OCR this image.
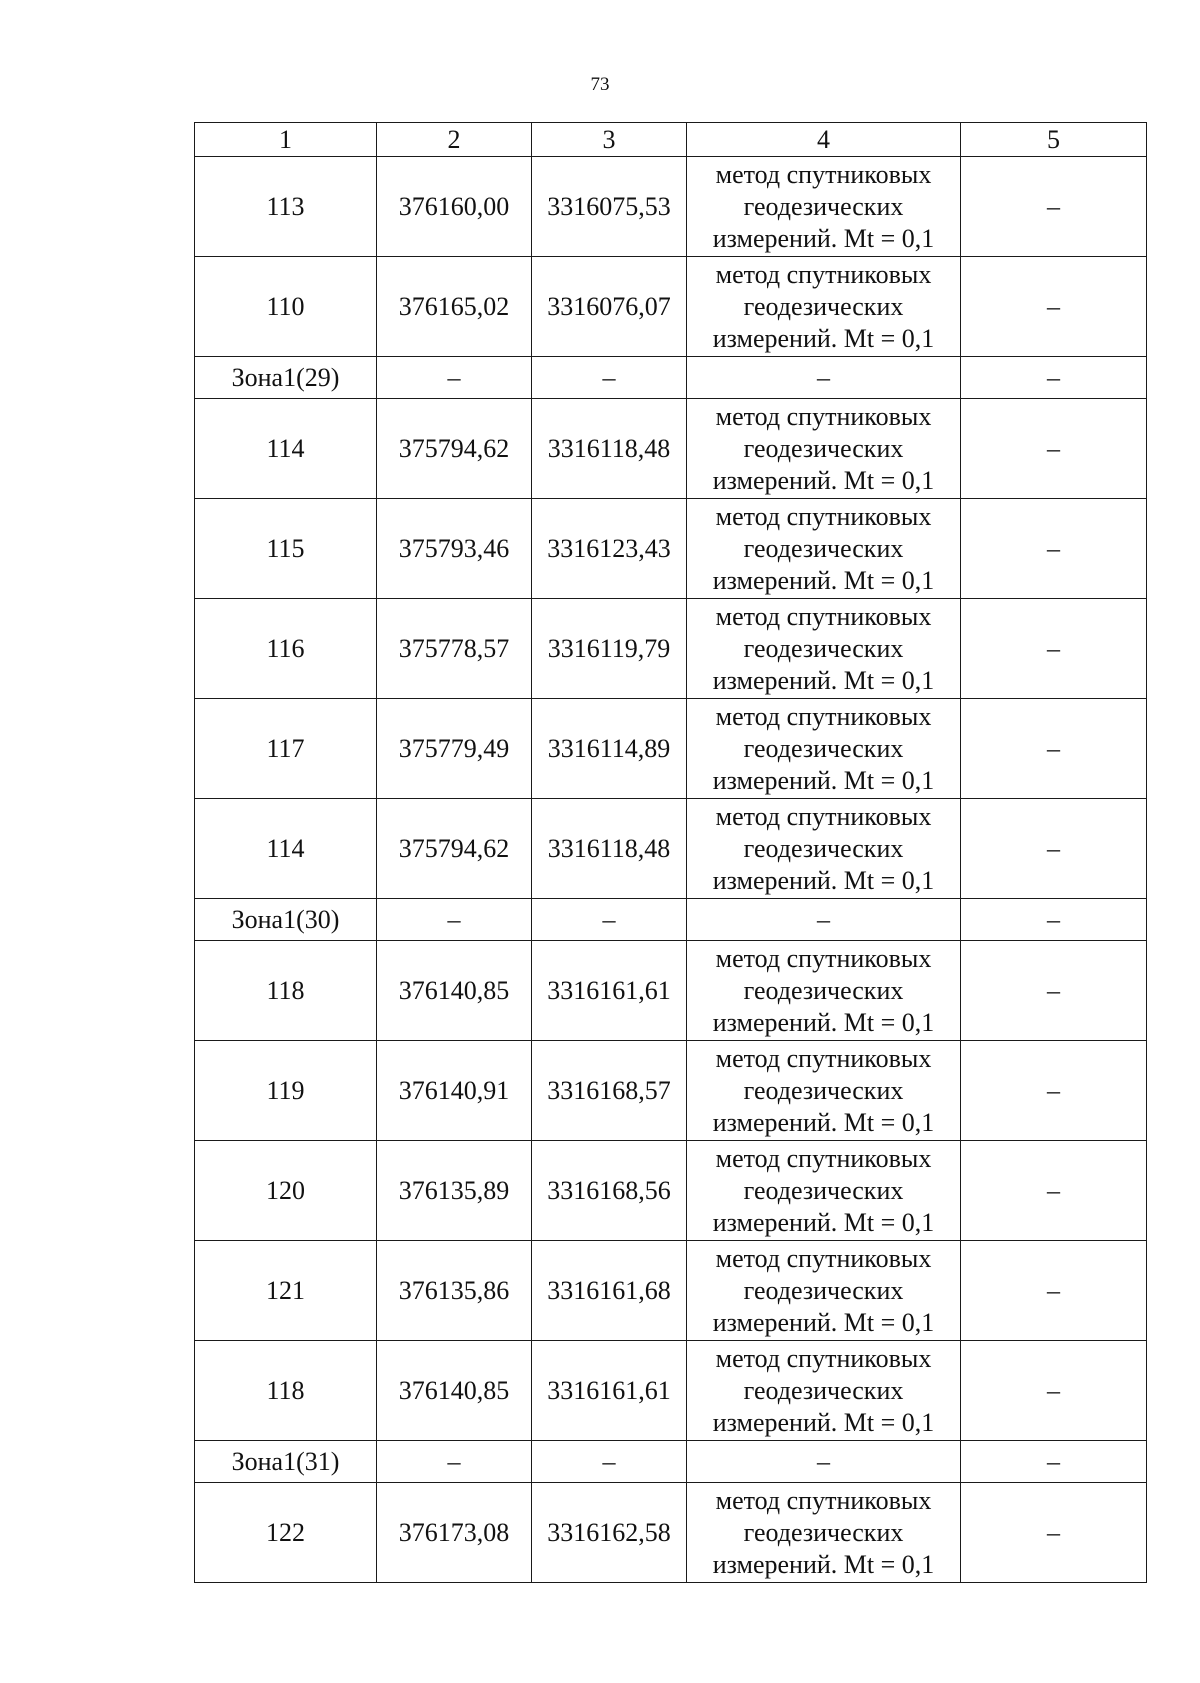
73
1	2	3	4	5
113	376160,00	3316075,53	метод спутниковых геодезических измерений. Mt = 0,1	–
110	376165,02	3316076,07	метод спутниковых геодезических измерений. Mt = 0,1	–
Зона1(29)	–	–	–	–
114	375794,62	3316118,48	метод спутниковых геодезических измерений. Mt = 0,1	–
115	375793,46	3316123,43	метод спутниковых геодезических измерений. Mt = 0,1	–
116	375778,57	3316119,79	метод спутниковых геодезических измерений. Mt = 0,1	–
117	375779,49	3316114,89	метод спутниковых геодезических измерений. Mt = 0,1	–
114	375794,62	3316118,48	метод спутниковых геодезических измерений. Mt = 0,1	–
Зона1(30)	–	–	–	–
118	376140,85	3316161,61	метод спутниковых геодезических измерений. Mt = 0,1	–
119	376140,91	3316168,57	метод спутниковых геодезических измерений. Mt = 0,1	–
120	376135,89	3316168,56	метод спутниковых геодезических измерений. Mt = 0,1	–
121	376135,86	3316161,68	метод спутниковых геодезических измерений. Mt = 0,1	–
118	376140,85	3316161,61	метод спутниковых геодезических измерений. Mt = 0,1	–
Зона1(31)	–	–	–	–
122	376173,08	3316162,58	метод спутниковых геодезических измерений. Mt = 0,1	–
